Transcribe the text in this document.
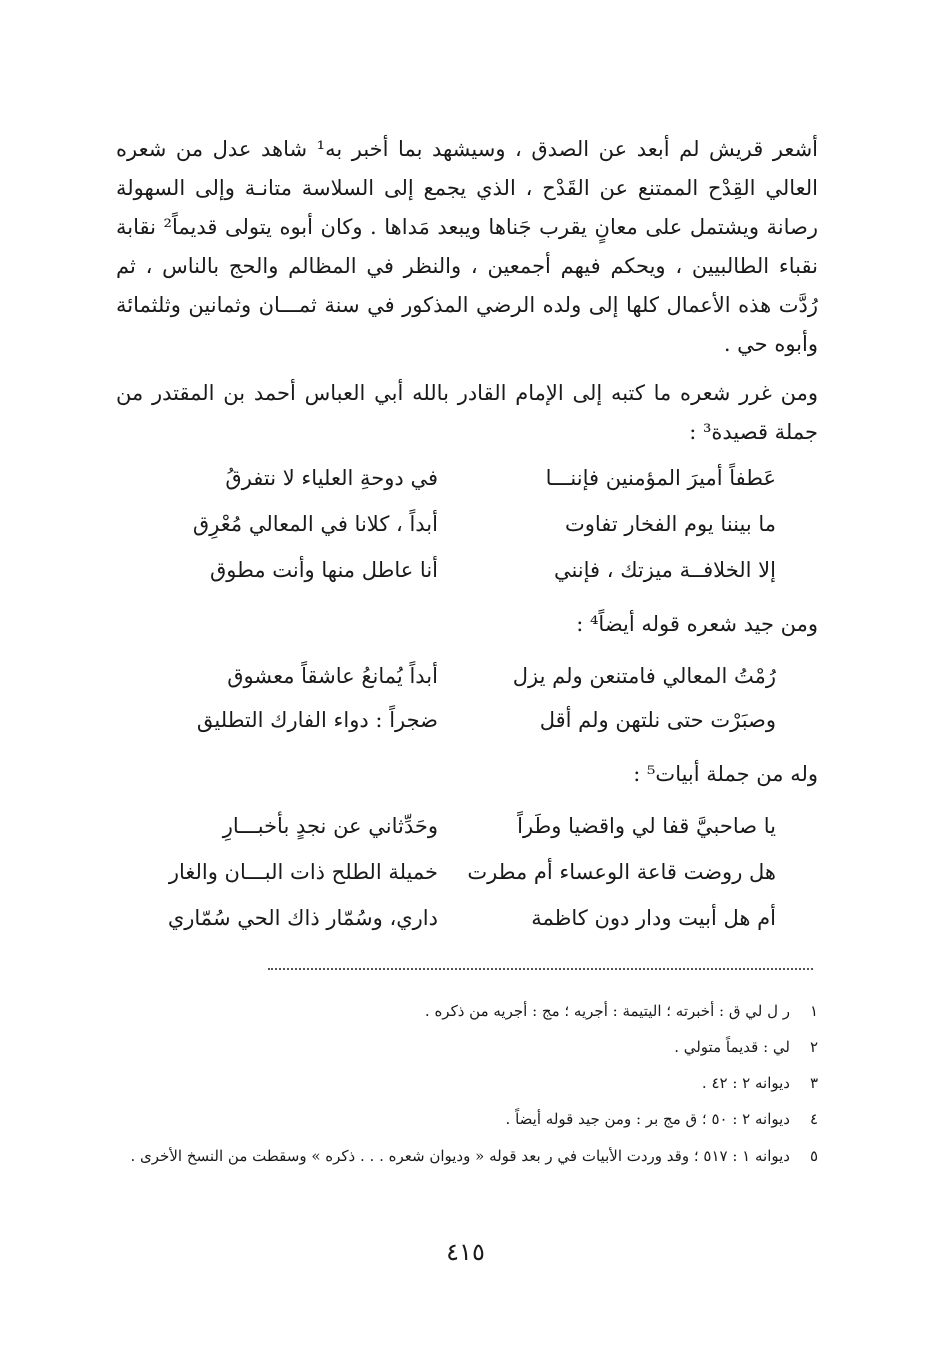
أشعر قريش لم أبعد عن الصدق ، وسيشهد بما أخبر به¹ شاهد عدل من شعره العالي القِدْح الممتنع عن القَدْح ، الذي يجمع إلى السلاسة متانـة وإلى السهولة رصانة ويشتمل على معانٍ يقرب جَناها ويبعد مَداها . وكان أبوه يتولى قديماً² نقابة نقباء الطالبيين ، ويحكم فيهم أجمعين ، والنظر في المظالم والحج بالناس ، ثم رُدَّت هذه الأعمال كلها إلى ولده الرضي المذكور في سنة ثمـــان وثمانين وثلثمائة وأبوه حي .

ومن غرر شعره ما كتبه إلى الإمام القادر بالله أبي العباس أحمد بن المقتدر من جملة قصيدة³ :

عَطفاً أميرَ المؤمنين فإننـــا
في دوحةِ العلياء لا نتفرقُ
ما بيننا يوم الفخار تفاوت
أبداً ، كلانا في المعالي مُعْرِق
إلا الخلافــة ميزتك ، فإنني
أنا عاطل منها وأنت مطوق
ومن جيد شعره قوله أيضاً⁴ :
رُمْتُ المعالي فامتنعن ولم يزل
أبداً يُمانعُ عاشقاً معشوق
وصبَرْت حتى نلتهن ولم أقل
ضجراً : دواء الفارك التطليق
وله من جملة أبيات⁵ :
يا صاحبيَّ قفا لي واقضيا وطَراً
وحَدِّثاني عن نجدٍ بأخبـــارِ
هل روضت قاعة الوعساء أم مطرت
خميلة الطلح ذات البـــان والغار
أم هل أبيت ودار دون كاظمة
داري، وسُمّار ذاك الحي سُمّاري
١ر ل لي ق : أخبرته ؛ اليتيمة : أجريه ؛ مج : أجريه من ذكره .
٢لي : قديماً متولي .
٣ديوانه ٢ : ٤٢ .
٤ديوانه ٢ : ٥٠ ؛ ق مج بر : ومن جيد قوله أيضاً .
٥ديوانه ١ : ٥١٧ ؛ وقد وردت الأبيات في ر بعد قوله « وديوان شعره . . . ذكره » وسقطت من النسخ الأخرى .
٤١٥
